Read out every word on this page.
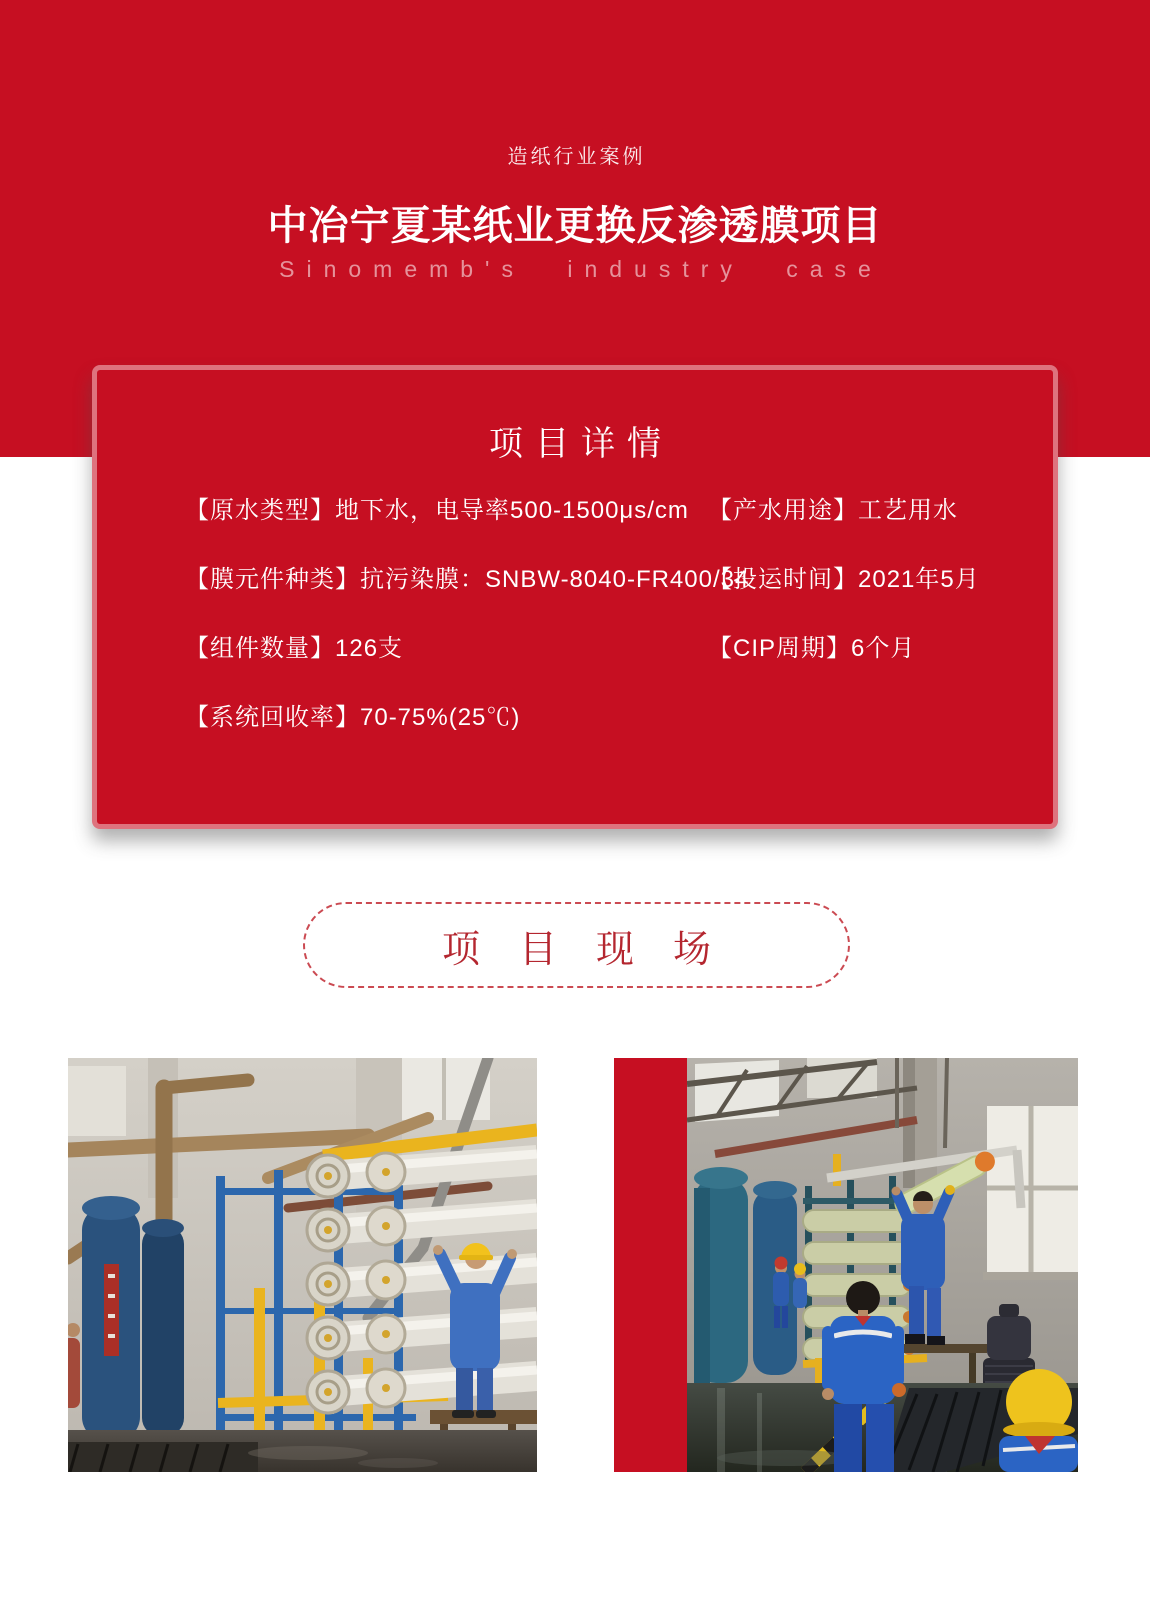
造纸行业案例
中冶宁夏某纸业更换反渗透膜项目
Sinomemb's industry case
项目详情
【原水类型】地下水，电导率500-1500μs/cm
【膜元件种类】抗污染膜：SNBW-8040-FR400/34
【组件数量】126支
【系统回收率】70-75%(25℃)
【产水用途】工艺用水
【投运时间】2021年5月
【CIP周期】6个月
项目现场
